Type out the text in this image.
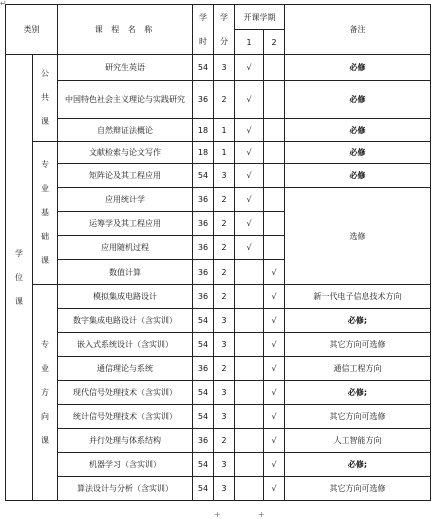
↵
类别		课 程 名 称	学时	学分	开课学期		备注
					1	2	
学位课	公共课	研究生英语	54	3	√		必修
		中国特色社会主义理论与实践研究	36	2	√		必修
		自然辩证法概论	18	1	√		必修
	专业基础课	文献检索与论文写作	18	1	√		必修
		矩阵论及其工程应用	54	3	√		必修
		应用统计学	36	2	√		选修
		运筹学及其工程应用	36	2	√		
		应用随机过程	36	2	√		
		数值计算	36	2		√	
	专业方向课	模拟集成电路设计	36	2		√	新一代电子信息技术方向
		数字集成电路设计（含实训）	54	3		√	必修;
		嵌入式系统设计（含实训）	54	3		√	其它方向可选修
		通信理论与系统	36	2		√	通信工程方向
		现代信号处理技术（含实训）	54	3		√	必修;
		统计信号处理技术（含实训）	54	3		√	其它方向可选修
		并行处理与体系结构	36	2		√	人工智能方向
		机器学习（含实训）	54	3		√	必修;
		算法设计与分析（含实训）	54	3		√	其它方向可选修
+	+
